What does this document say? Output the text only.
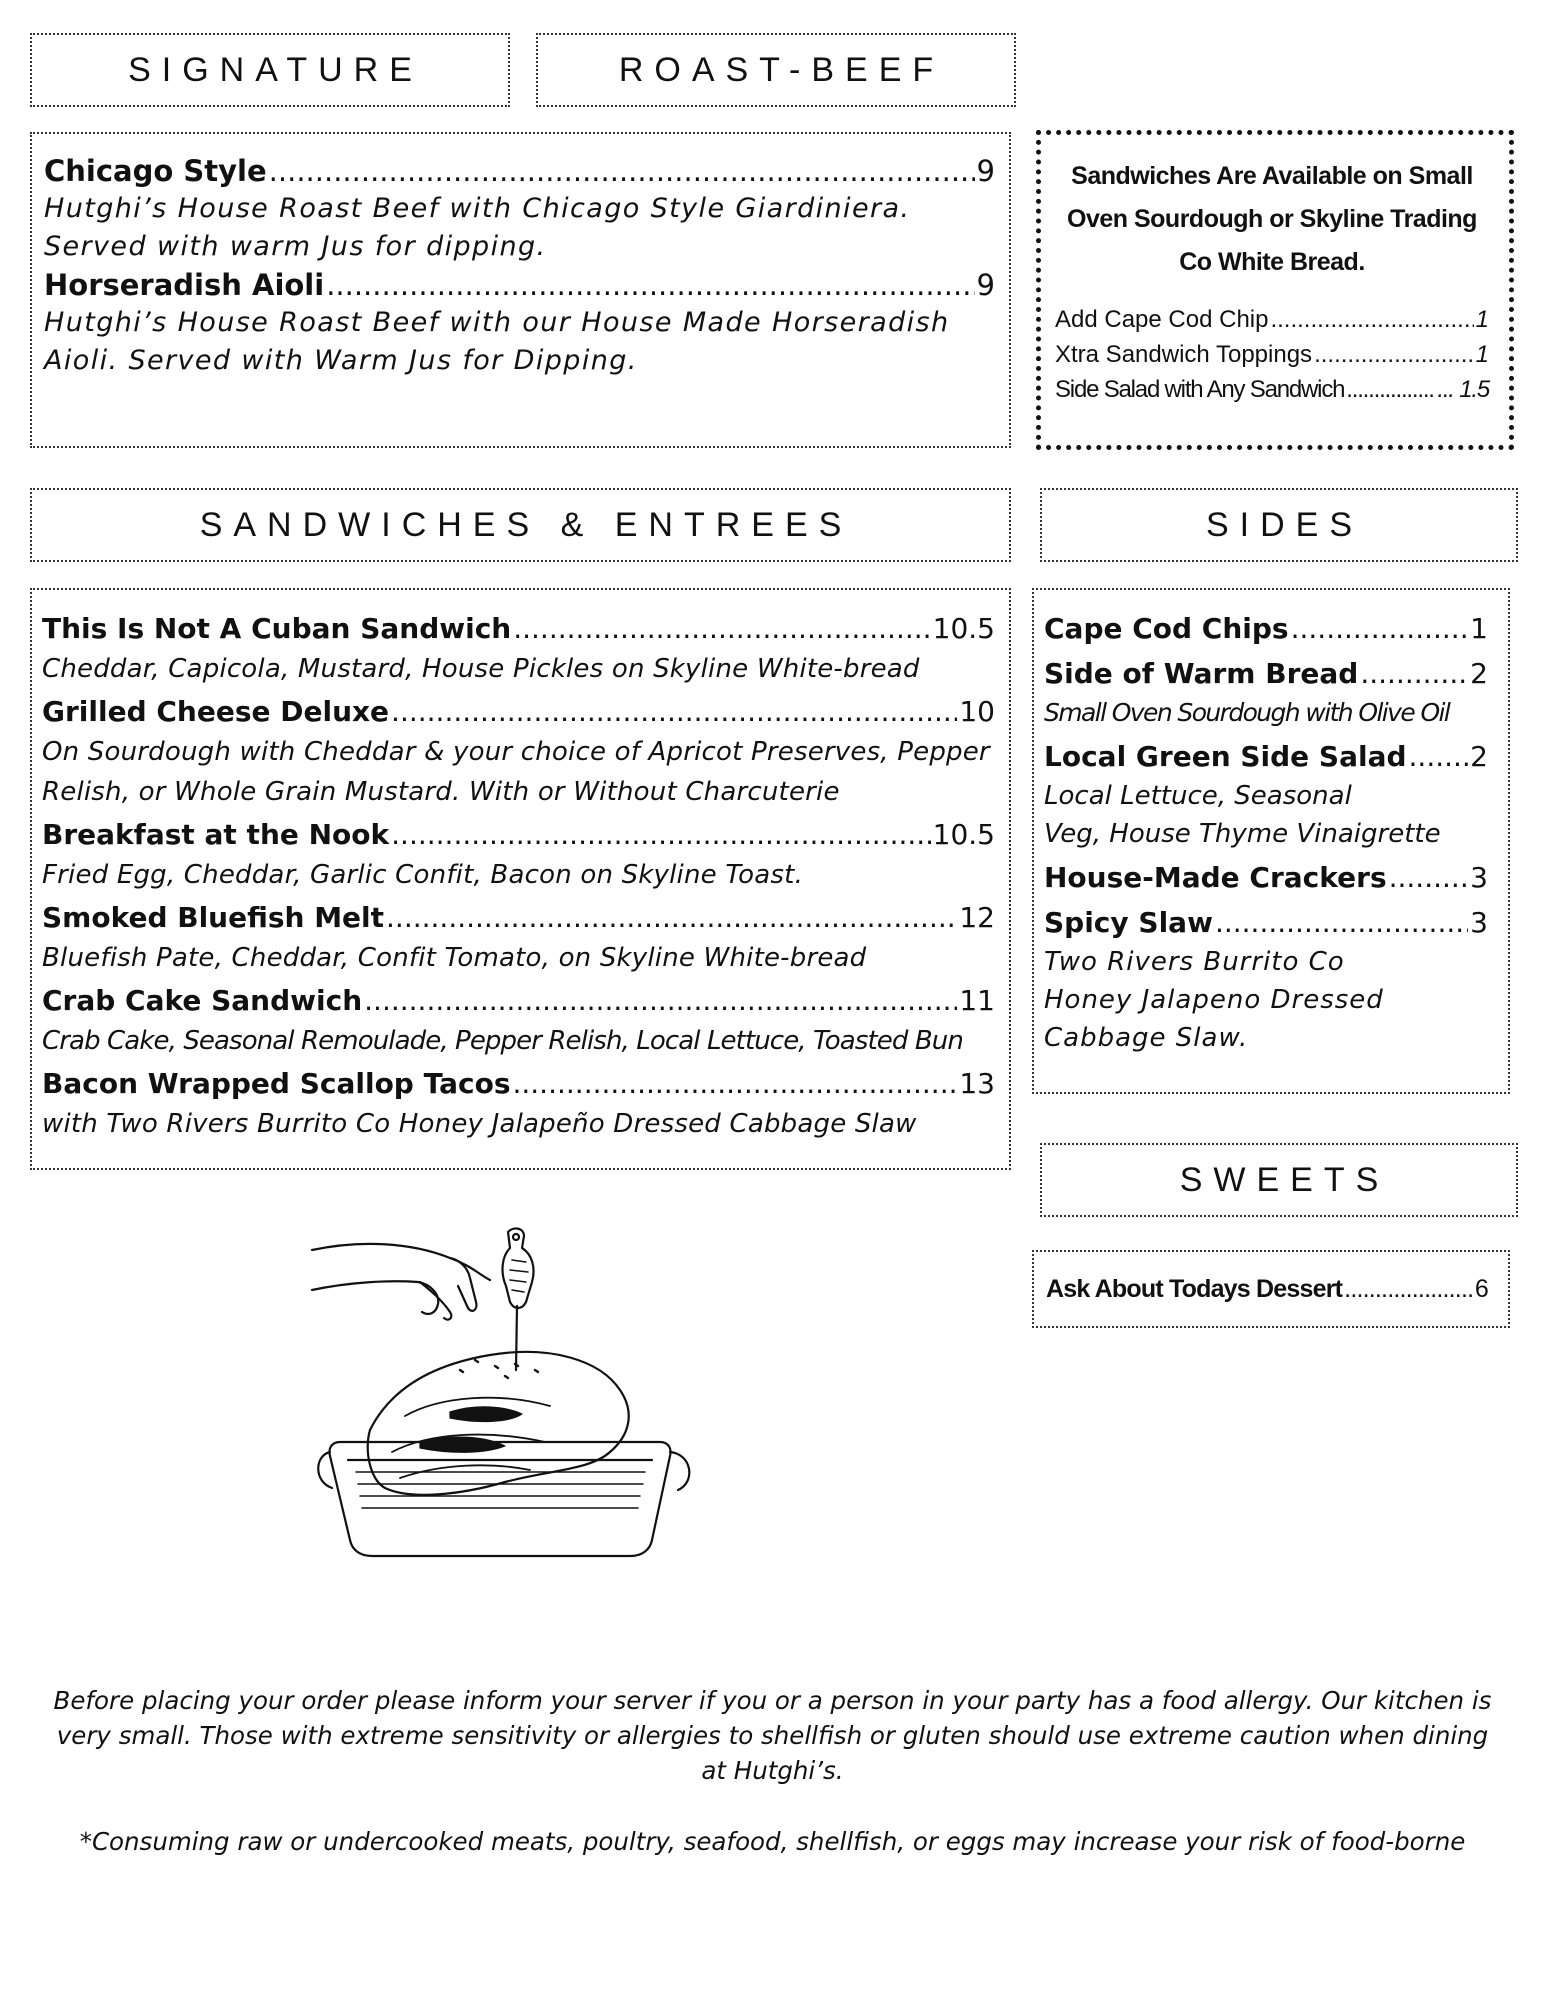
SIGNATURE	ROAST-BEEF
SANDWICHES & ENTREES	SIDES
SWEETS
Chicago Style .....	9
Hutghi’s House Roast Beef with Chicago Style Giardiniera. Served with warm Jus for dipping.
Horseradish Aioli .....	9
Hutghi’s House Roast Beef with our House Made Horseradish Aioli. Served with Warm Jus for Dipping.

Sandwiches Are Available on Small Oven Sourdough or Skyline Trading Co White Bread.

Add Cape Cod Chip .....	1
Xtra Sandwich Toppings .....	1
Side Salad with Any Sandwich .....	... 1.5
This Is Not A Cuban Sandwich .....	10.5
Cheddar, Capicola, Mustard, House Pickles on Skyline White-bread
Grilled Cheese Deluxe .....	10
On Sourdough with Cheddar & your choice of Apricot Preserves, Pepper Relish, or Whole Grain Mustard. With or Without Charcuterie
Breakfast at the Nook .....	10.5
Fried Egg, Cheddar, Garlic Confit, Bacon on Skyline Toast.
Smoked Bluefish Melt .....	12
Bluefish Pate, Cheddar, Confit Tomato, on Skyline White-bread
Crab Cake Sandwich .....	11
Crab Cake, Seasonal Remoulade, Pepper Relish, Local Lettuce, Toasted Bun
Bacon Wrapped Scallop Tacos .....	13
with Two Rivers Burrito Co Honey Jalapeño Dressed Cabbage Slaw
Cape Cod Chips .....	1
Side of Warm Bread .....	2
Small Oven Sourdough with Olive Oil
Local Green Side Salad ..... 2
Local Lettuce, Seasonal
Veg, House Thyme Vinaigrette
House-Made Crackers .....	3
Spicy Slaw .....	3
Two Rivers Burrito Co
Honey Jalapeno Dressed
Cabbage Slaw.
Ask About Todays Dessert .....	6

Before placing your order please inform your server if you or a person in your party has a food allergy. Our kitchen is very small. Those with extreme sensitivity or allergies to shellfish or gluten should use extreme caution when dining at Hutghi’s.

*Consuming raw or undercooked meats, poultry, seafood, shellfish, or eggs may increase your risk of food-borne
